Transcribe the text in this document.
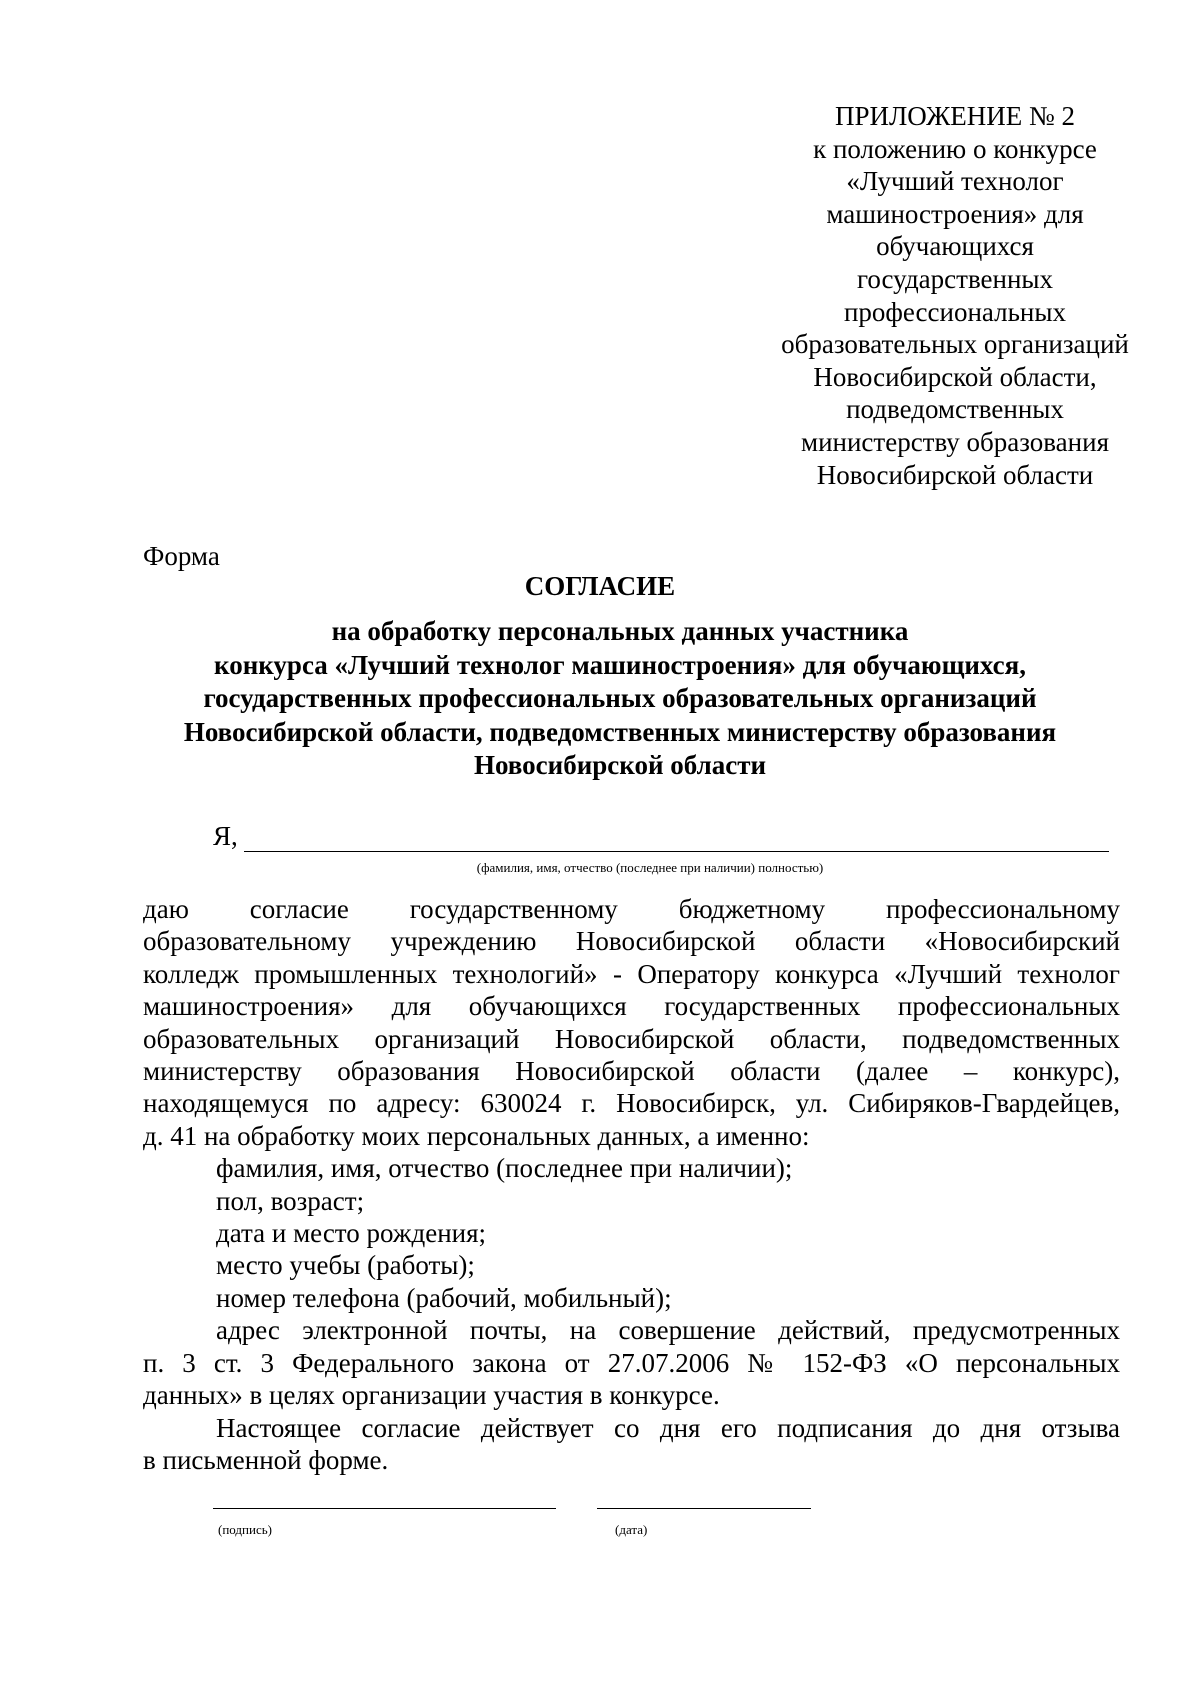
ПРИЛОЖЕНИЕ № 2
к положению о конкурсе
«Лучший технолог
машиностроения» для
обучающихся
государственных
профессиональных
образовательных организаций
Новосибирской области,
подведомственных
министерству образования
Новосибирской области
Форма
СОГЛАСИЕ
на обработку персональных данных участника
конкурса «Лучший технолог машиностроения» для обучающихся,
государственных профессиональных образовательных организаций
Новосибирской области, подведомственных министерству образования
Новосибирской области
Я,
(фамилия, имя, отчество (последнее при наличии) полностью)

даю согласие государственному бюджетному профессиональному
образовательному учреждению Новосибирской области «Новосибирский
колледж промышленных технологий» - Оператору конкурса «Лучший технолог
машиностроения» для обучающихся государственных профессиональных
образовательных организаций Новосибирской области, подведомственных
министерству образования Новосибирской области (далее – конкурс),
находящемуся по адресу: 630024 г. Новосибирск, ул. Сибиряков-Гвардейцев,
д. 41 на обработку моих персональных данных, а именно:

фамилия, имя, отчество (последнее при наличии);
пол, возраст;
дата и место рождения;
место учебы (работы);
номер телефона (рабочий, мобильный);

адрес электронной почты, на совершение действий, предусмотренных
п. 3 ст. 3 Федерального закона от 27.07.2006 № 152-ФЗ «О персональных
данных» в целях организации участия в конкурсе.

Настоящее согласие действует со дня его подписания до дня отзыва
в письменной форме.

(подпись)	(дата)
